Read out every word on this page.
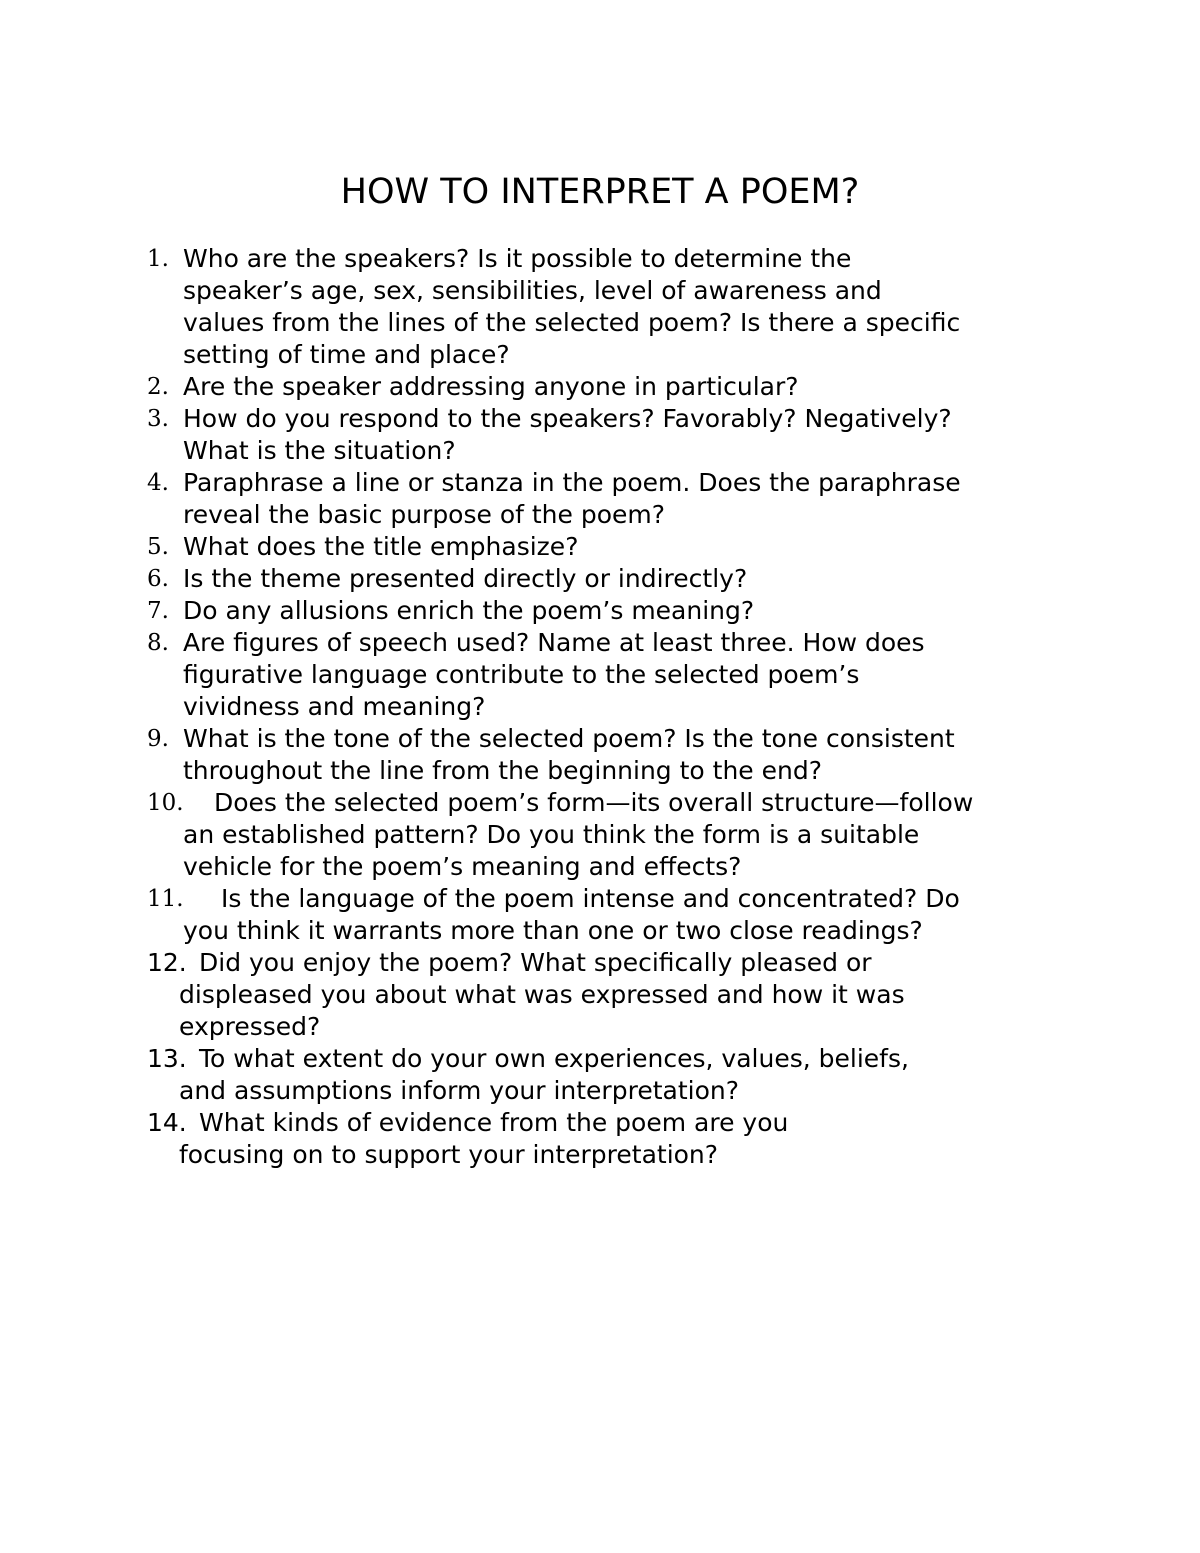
HOW TO INTERPRET A POEM?
1. Who are the speakers? Is it possible to determine the
speaker’s age, sex, sensibilities, level of awareness and
values from the lines of the selected poem? Is there a specific
setting of time and place?
2. Are the speaker addressing anyone in particular?
3. How do you respond to the speakers? Favorably? Negatively?
What is the situation?
4. Paraphrase a line or stanza in the poem. Does the paraphrase
reveal the basic purpose of the poem?
5. What does the title emphasize?
6. Is the theme presented directly or indirectly?
7. Do any allusions enrich the poem’s meaning?
8. Are figures of speech used? Name at least three. How does
figurative language contribute to the selected poem’s
vividness and meaning?
9. What is the tone of the selected poem? Is the tone consistent
throughout the line from the beginning to the end?
10. Does the selected poem’s form—its overall structure—follow
an established pattern? Do you think the form is a suitable
vehicle for the poem’s meaning and effects?
11. Is the language of the poem intense and concentrated? Do
you think it warrants more than one or two close readings?
12. Did you enjoy the poem? What specifically pleased or
displeased you about what was expressed and how it was
expressed?
13. To what extent do your own experiences, values, beliefs,
and assumptions inform your interpretation?
14. What kinds of evidence from the poem are you
focusing on to support your interpretation?
